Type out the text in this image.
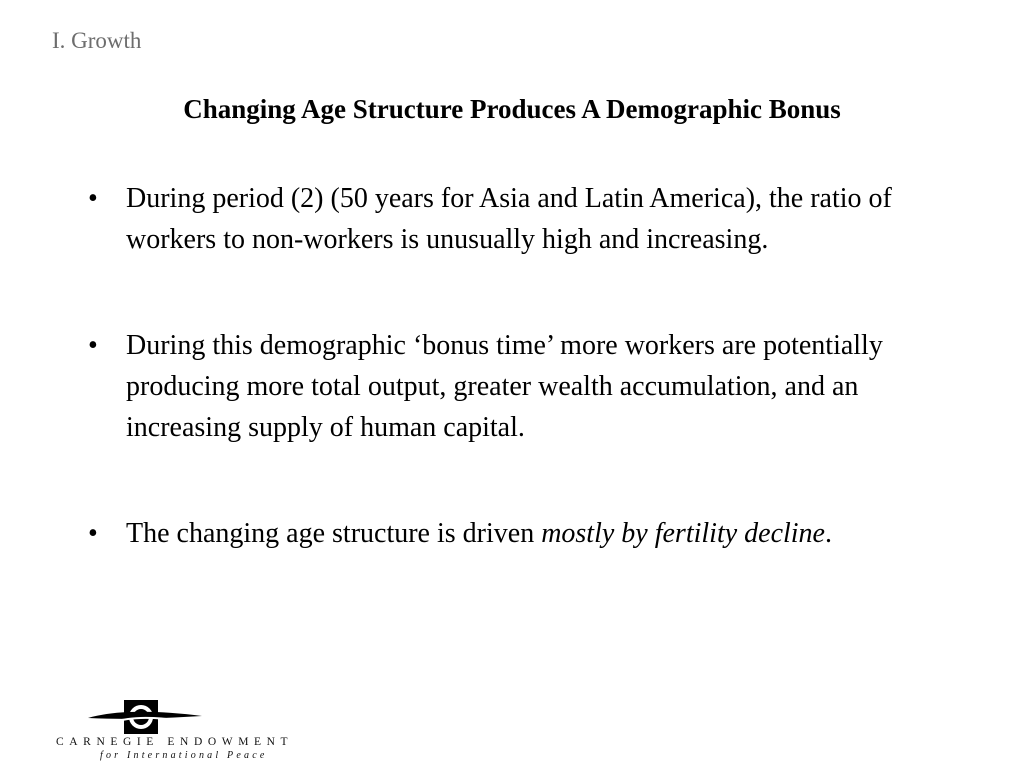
I. Growth
Changing Age Structure Produces A Demographic Bonus
• During period (2) (50 years for Asia and Latin America), the ratio of workers to non-workers is unusually high and increasing.
• During this demographic ‘bonus time’ more workers are potentially producing more total output, greater wealth accumulation, and an increasing supply of human capital.
• The changing age structure is driven mostly by fertility decline.
CARNEGIE ENDOWMENT
for International Peace
